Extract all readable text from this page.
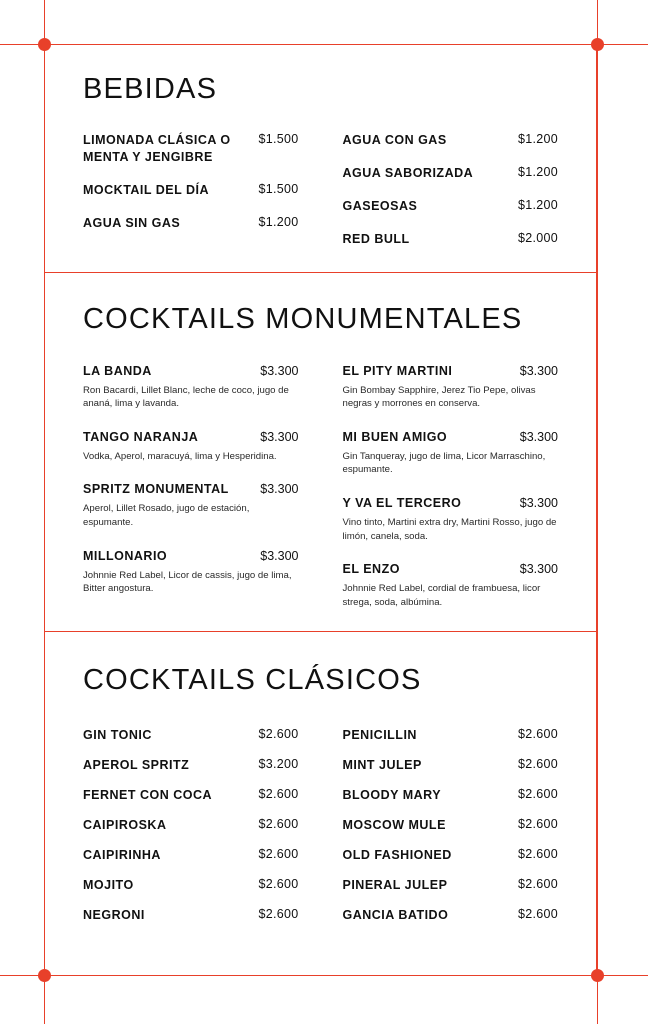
BEBIDAS
LIMONADA CLÁSICA O MENTA Y JENGIBRE
$1.500
MOCKTAIL DEL DÍA	$1.500
AGUA SIN GAS	$1.200
AGUA CON GAS	$1.200
AGUA SABORIZADA	$1.200
GASEOSAS	$1.200
RED BULL	$2.000
COCKTAILS MONUMENTALES
LA BANDA	$3.300
Ron Bacardi, Lillet Blanc, leche de coco, jugo de ananá, lima y lavanda.
TANGO NARANJA	$3.300
Vodka, Aperol, maracuyá, lima y Hesperidina.
SPRITZ MONUMENTAL	$3.300
Aperol, Lillet Rosado, jugo de estación, espumante.
MILLONARIO	$3.300
Johnnie Red Label, Licor de cassis, jugo de lima, Bitter angostura.
EL PITY MARTINI	$3.300
Gin Bombay Sapphire, Jerez Tio Pepe, olivas negras y morrones en conserva.
MI BUEN AMIGO	$3.300
Gin Tanqueray, jugo de lima, Licor Marraschino, espumante.
Y VA EL TERCERO	$3.300
Vino tinto, Martini extra dry, Martini Rosso, jugo de limón, canela, soda.
EL ENZO	$3.300
Johnnie Red Label, cordial de frambuesa, licor strega, soda, albúmina.
COCKTAILS CLÁSICOS
GIN TONIC	$2.600
APEROL SPRITZ	$3.200
FERNET CON COCA	$2.600
CAIPIROSKA	$2.600
CAIPIRINHA	$2.600
MOJITO	$2.600
NEGRONI	$2.600
PENICILLIN	$2.600
MINT JULEP	$2.600
BLOODY MARY	$2.600
MOSCOW MULE	$2.600
OLD FASHIONED	$2.600
PINERAL JULEP	$2.600
GANCIA BATIDO	$2.600
